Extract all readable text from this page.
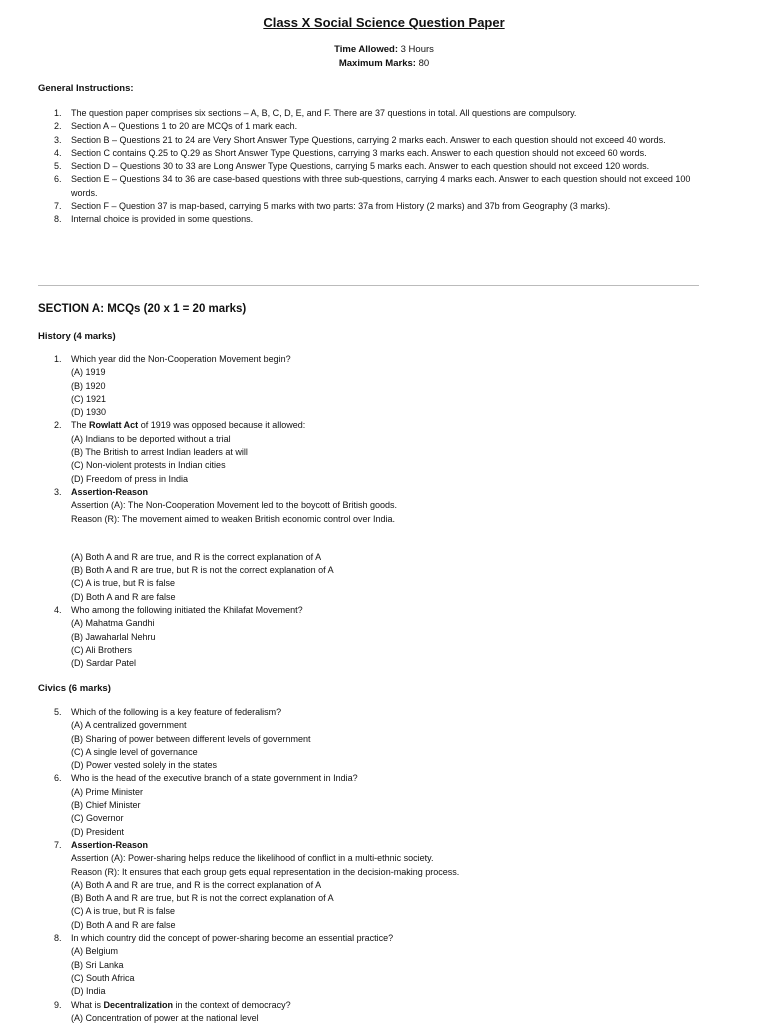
Class X Social Science Question Paper
Time Allowed: 3 Hours
Maximum Marks: 80
General Instructions:
1. The question paper comprises six sections – A, B, C, D, E, and F. There are 37 questions in total. All questions are compulsory.
2. Section A – Questions 1 to 20 are MCQs of 1 mark each.
3. Section B – Questions 21 to 24 are Very Short Answer Type Questions, carrying 2 marks each. Answer to each question should not exceed 40 words.
4. Section C contains Q.25 to Q.29 as Short Answer Type Questions, carrying 3 marks each. Answer to each question should not exceed 60 words.
5. Section D – Questions 30 to 33 are Long Answer Type Questions, carrying 5 marks each. Answer to each question should not exceed 120 words.
6. Section E – Questions 34 to 36 are case-based questions with three sub-questions, carrying 4 marks each. Answer to each question should not exceed 100 words.
7. Section F – Question 37 is map-based, carrying 5 marks with two parts: 37a from History (2 marks) and 37b from Geography (3 marks).
8. Internal choice is provided in some questions.
SECTION A: MCQs (20 x 1 = 20 marks)
History (4 marks)
1. Which year did the Non-Cooperation Movement begin?
(A) 1919
(B) 1920
(C) 1921
(D) 1930
2. The Rowlatt Act of 1919 was opposed because it allowed:
(A) Indians to be deported without a trial
(B) The British to arrest Indian leaders at will
(C) Non-violent protests in Indian cities
(D) Freedom of press in India
3. Assertion-Reason
Assertion (A): The Non-Cooperation Movement led to the boycott of British goods.
Reason (R): The movement aimed to weaken British economic control over India.
(A) Both A and R are true, and R is the correct explanation of A
(B) Both A and R are true, but R is not the correct explanation of A
(C) A is true, but R is false
(D) Both A and R are false
4. Who among the following initiated the Khilafat Movement?
(A) Mahatma Gandhi
(B) Jawaharlal Nehru
(C) Ali Brothers
(D) Sardar Patel
Civics (6 marks)
5. Which of the following is a key feature of federalism?
(A) A centralized government
(B) Sharing of power between different levels of government
(C) A single level of governance
(D) Power vested solely in the states
6. Who is the head of the executive branch of a state government in India?
(A) Prime Minister
(B) Chief Minister
(C) Governor
(D) President
7. Assertion-Reason
Assertion (A): Power-sharing helps reduce the likelihood of conflict in a multi-ethnic society.
Reason (R): It ensures that each group gets equal representation in the decision-making process.
(A) Both A and R are true, and R is the correct explanation of A
(B) Both A and R are true, but R is not the correct explanation of A
(C) A is true, but R is false
(D) Both A and R are false
8. In which country did the concept of power-sharing become an essential practice?
(A) Belgium
(B) Sri Lanka
(C) South Africa
(D) India
9. What is Decentralization in the context of democracy?
(A) Concentration of power at the national level
